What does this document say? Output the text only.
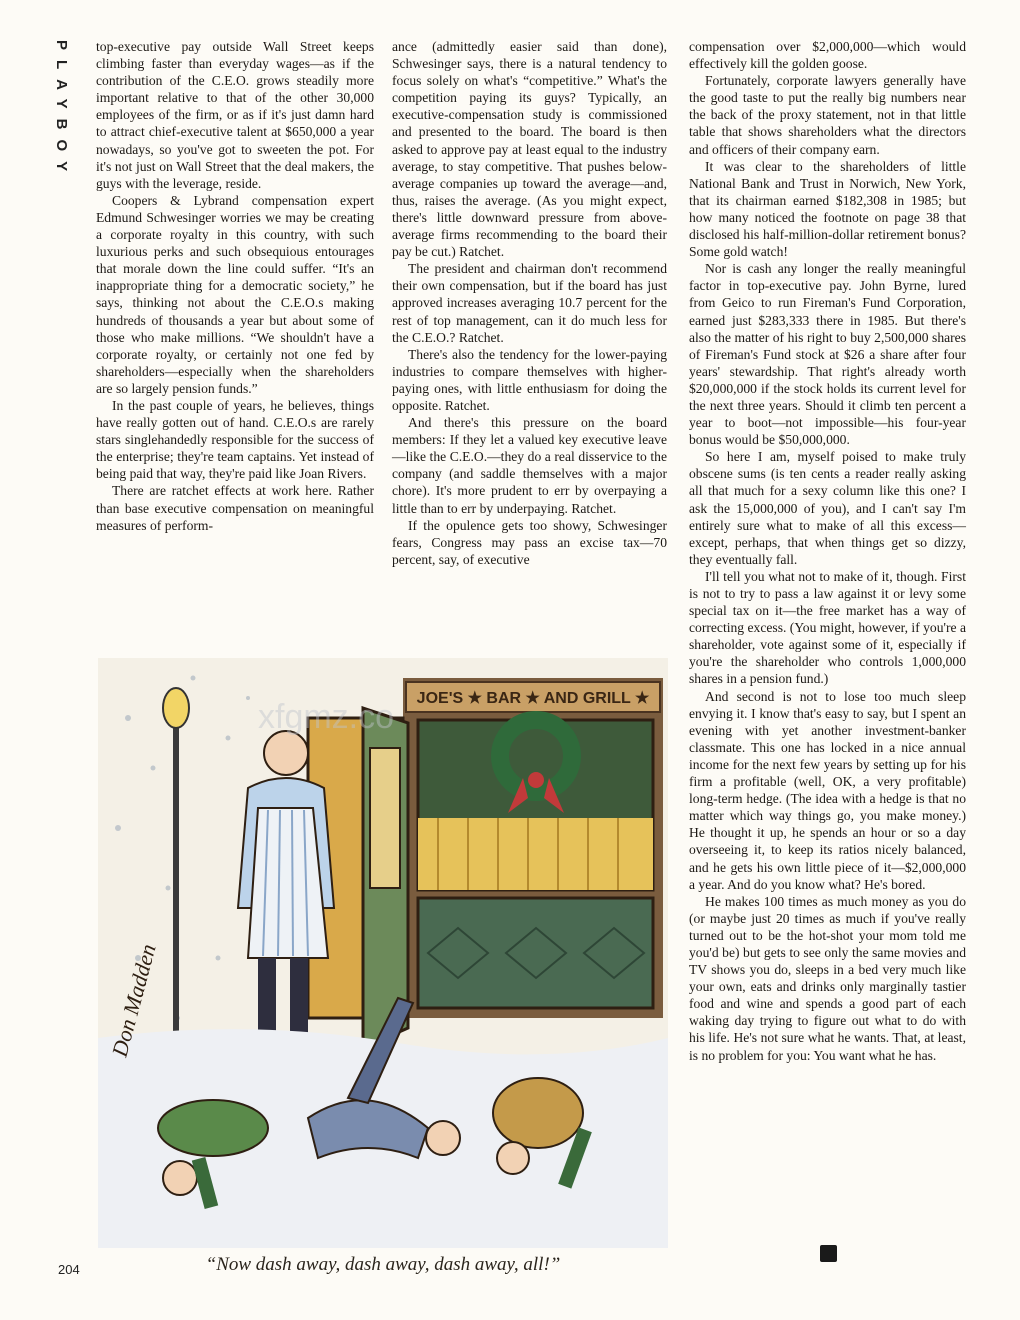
PLAYBOY top-executive pay outside Wall Street keeps climbing faster than everyday wages—as if the contribution of the C.E.O. grows steadily more important relative to that of the other 30,000 employees of the firm, or as if it's just damn hard to attract chief-executive talent at $650,000 a year nowadays, so you've got to sweeten the pot. For it's not just on Wall Street that the deal makers, the guys with the leverage, reside.

Coopers & Lybrand compensation expert Edmund Schwesinger worries we may be creating a corporate royalty in this country, with such luxurious perks and such obsequious entourages that morale down the line could suffer. “It's an inappropriate thing for a democratic society,” he says, thinking not about the C.E.O.s making hundreds of thousands a year but about some of those who make millions. “We shouldn't have a corporate royalty, or certainly not one fed by shareholders—especially when the shareholders are so largely pension funds.”

In the past couple of years, he believes, things have really gotten out of hand. C.E.O.s are rarely stars singlehandedly responsible for the success of the enterprise; they're team captains. Yet instead of being paid that way, they're paid like Joan Rivers.

There are ratchet effects at work here. Rather than base executive compensation on meaningful measures of perform-

ance (admittedly easier said than done), Schwesinger says, there is a natural tendency to focus solely on what's “competitive.” What's the competition paying its guys? Typically, an executive-compensation study is commissioned and presented to the board. The board is then asked to approve pay at least equal to the industry average, to stay competitive. That pushes below-average companies up toward the average—and, thus, raises the average. (As you might expect, there's little downward pressure from above-average firms recommending to the board their pay be cut.) Ratchet.

The president and chairman don't recommend their own compensation, but if the board has just approved increases averaging 10.7 percent for the rest of top management, can it do much less for the C.E.O.? Ratchet.

There's also the tendency for the lower-paying industries to compare themselves with higher-paying ones, with little enthusiasm for doing the opposite. Ratchet.

And there's this pressure on the board members: If they let a valued key executive leave—like the C.E.O.—they do a real disservice to the company (and saddle themselves with a major chore). It's more prudent to err by overpaying a little than to err by underpaying. Ratchet.

If the opulence gets too showy, Schwesinger fears, Congress may pass an excise tax—70 percent, say, of executive

compensation over $2,000,000—which would effectively kill the golden goose.

Fortunately, corporate lawyers generally have the good taste to put the really big numbers near the back of the proxy statement, not in that little table that shows shareholders what the directors and officers of their company earn.

It was clear to the shareholders of little National Bank and Trust in Norwich, New York, that its chairman earned $182,308 in 1985; but how many noticed the footnote on page 38 that disclosed his half-million-dollar retirement bonus? Some gold watch!

Nor is cash any longer the really meaningful factor in top-executive pay. John Byrne, lured from Geico to run Fireman's Fund Corporation, earned just $283,333 there in 1985. But there's also the matter of his right to buy 2,500,000 shares of Fireman's Fund stock at $26 a share after four years' stewardship. That right's already worth $20,000,000 if the stock holds its current level for the next three years. Should it climb ten percent a year to boot—not impossible—his four-year bonus would be $50,000,000.

So here I am, myself poised to make truly obscene sums (is ten cents a reader really asking all that much for a sexy column like this one? I ask the 15,000,000 of you), and I can't say I'm entirely sure what to make of all this excess—except, perhaps, that when things get so dizzy, they eventually fall.

I'll tell you what not to make of it, though. First is not to try to pass a law against it or levy some special tax on it—the free market has a way of correcting excess. (You might, however, if you're a shareholder, vote against some of it, especially if you're the shareholder who controls 1,000,000 shares in a pension fund.)

And second is not to lose too much sleep envying it. I know that's easy to say, but I spent an evening with yet another investment-banker classmate. This one has locked in a nice annual income for the next few years by setting up for his firm a profitable (well, OK, a very profitable) long-term hedge. (The idea with a hedge is that no matter which way things go, you make money.) He thought it up, he spends an hour or so a day overseeing it, to keep its ratios nicely balanced, and he gets his own little piece of it—$2,000,000 a year. And do you know what? He's bored.

He makes 100 times as much money as you do (or maybe just 20 times as much if you've really turned out to be the hot-shot your mom told me you'd be) but gets to see only the same movies and TV shows you do, sleeps in a bed very much like your own, eats and drinks only marginally tastier food and wine and spends a good part of each waking day trying to figure out what to do with his life. He's not sure what he wants. That, at least, is no problem for you: You want what he has.

JOE'S ★ BAR ★ AND GRILL ★
Don Madden
xfgmz.co
“Now dash away, dash away, dash away, all!”
204
